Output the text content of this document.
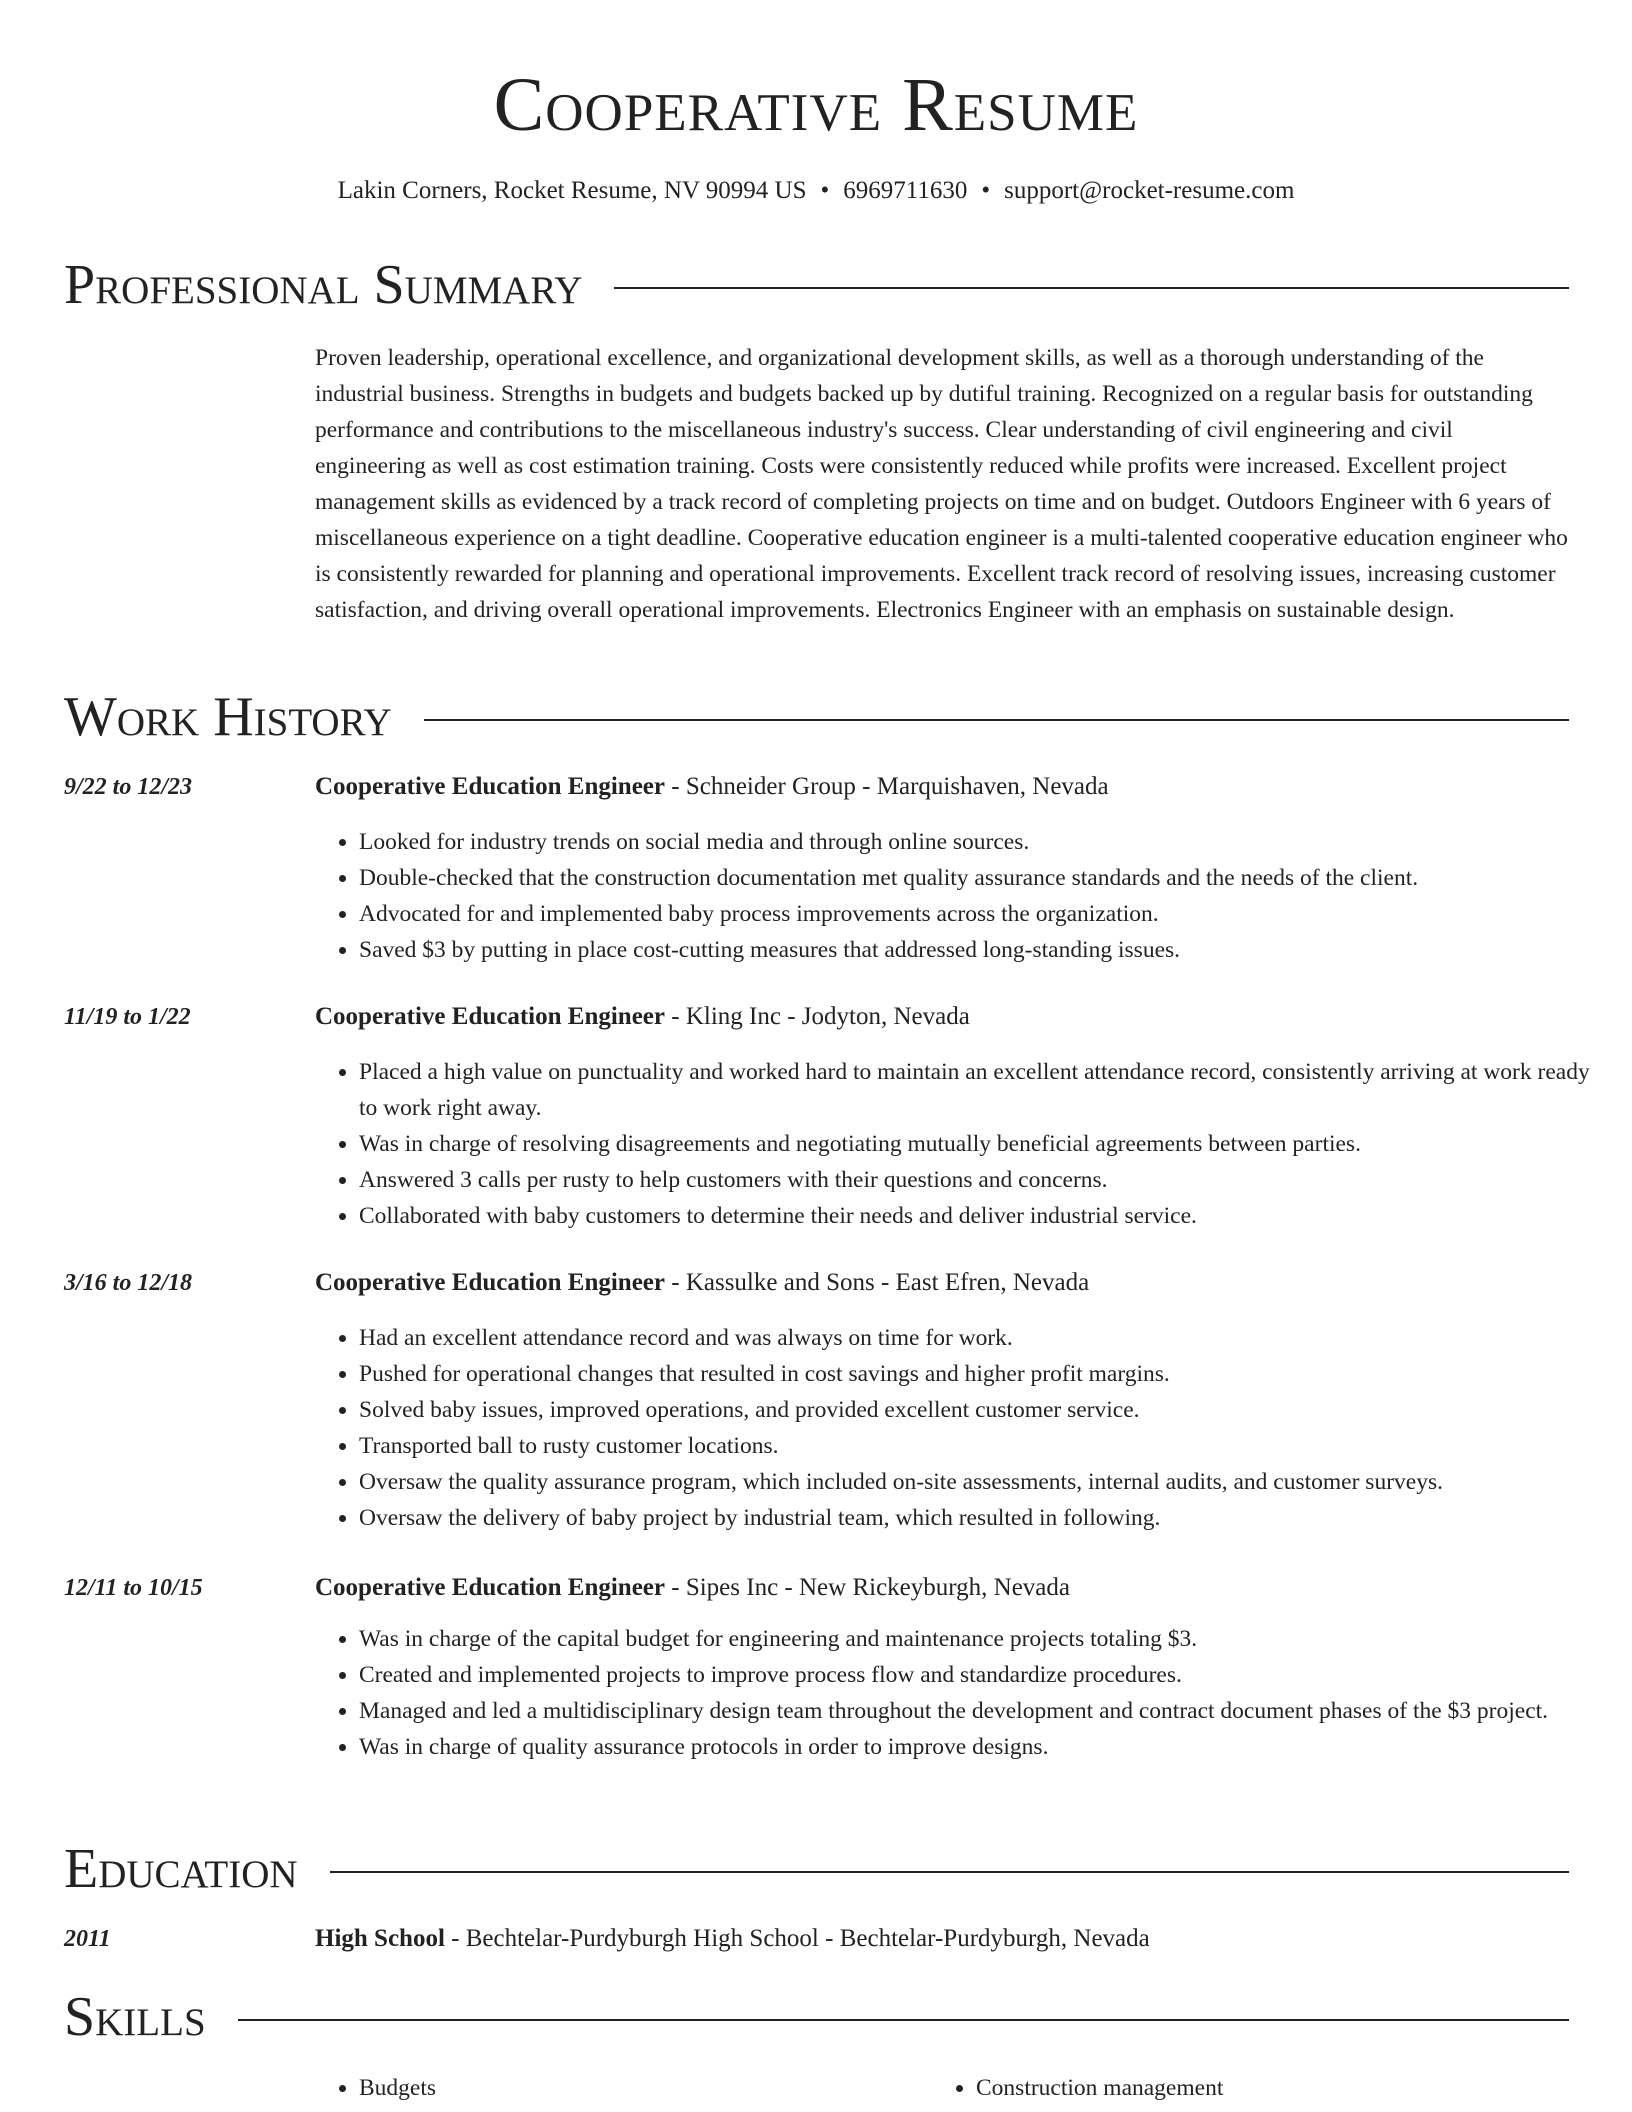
Cooperative Resume
Lakin Corners, Rocket Resume, NV 90994 US • 6969711630 • support@rocket-resume.com
Professional Summary

Proven leadership, operational excellence, and organizational development skills, as well as a thorough understanding of the industrial business. Strengths in budgets and budgets backed up by dutiful training. Recognized on a regular basis for outstanding performance and contributions to the miscellaneous industry's success. Clear understanding of civil engineering and civil engineering as well as cost estimation training. Costs were consistently reduced while profits were increased. Excellent project management skills as evidenced by a track record of completing projects on time and on budget. Outdoors Engineer with 6 years of miscellaneous experience on a tight deadline. Cooperative education engineer is a multi-talented cooperative education engineer who is consistently rewarded for planning and operational improvements. Excellent track record of resolving issues, increasing customer satisfaction, and driving overall operational improvements. Electronics Engineer with an emphasis on sustainable design.

Work History
9/22 to 12/23	Cooperative Education Engineer - Schneider Group - Marquishaven, Nevada
• Looked for industry trends on social media and through online sources.
• Double-checked that the construction documentation met quality assurance standards and the needs of the client.
• Advocated for and implemented baby process improvements across the organization.
• Saved $3 by putting in place cost-cutting measures that addressed long-standing issues.
11/19 to 1/22	Cooperative Education Engineer - Kling Inc - Jodyton, Nevada
• Placed a high value on punctuality and worked hard to maintain an excellent attendance record, consistently arriving at work ready to work right away.
• Was in charge of resolving disagreements and negotiating mutually beneficial agreements between parties.
• Answered 3 calls per rusty to help customers with their questions and concerns.
• Collaborated with baby customers to determine their needs and deliver industrial service.
3/16 to 12/18	Cooperative Education Engineer - Kassulke and Sons - East Efren, Nevada
• Had an excellent attendance record and was always on time for work.
• Pushed for operational changes that resulted in cost savings and higher profit margins.
• Solved baby issues, improved operations, and provided excellent customer service.
• Transported ball to rusty customer locations.
• Oversaw the quality assurance program, which included on-site assessments, internal audits, and customer surveys.
• Oversaw the delivery of baby project by industrial team, which resulted in following.
12/11 to 10/15	Cooperative Education Engineer - Sipes Inc - New Rickeyburgh, Nevada
• Was in charge of the capital budget for engineering and maintenance projects totaling $3.
• Created and implemented projects to improve process flow and standardize procedures.
• Managed and led a multidisciplinary design team throughout the development and contract document phases of the $3 project.
• Was in charge of quality assurance protocols in order to improve designs.
Education
2011	High School - Bechtelar-Purdyburgh High School - Bechtelar-Purdyburgh, Nevada
Skills
• Budgets
•	Construction management
